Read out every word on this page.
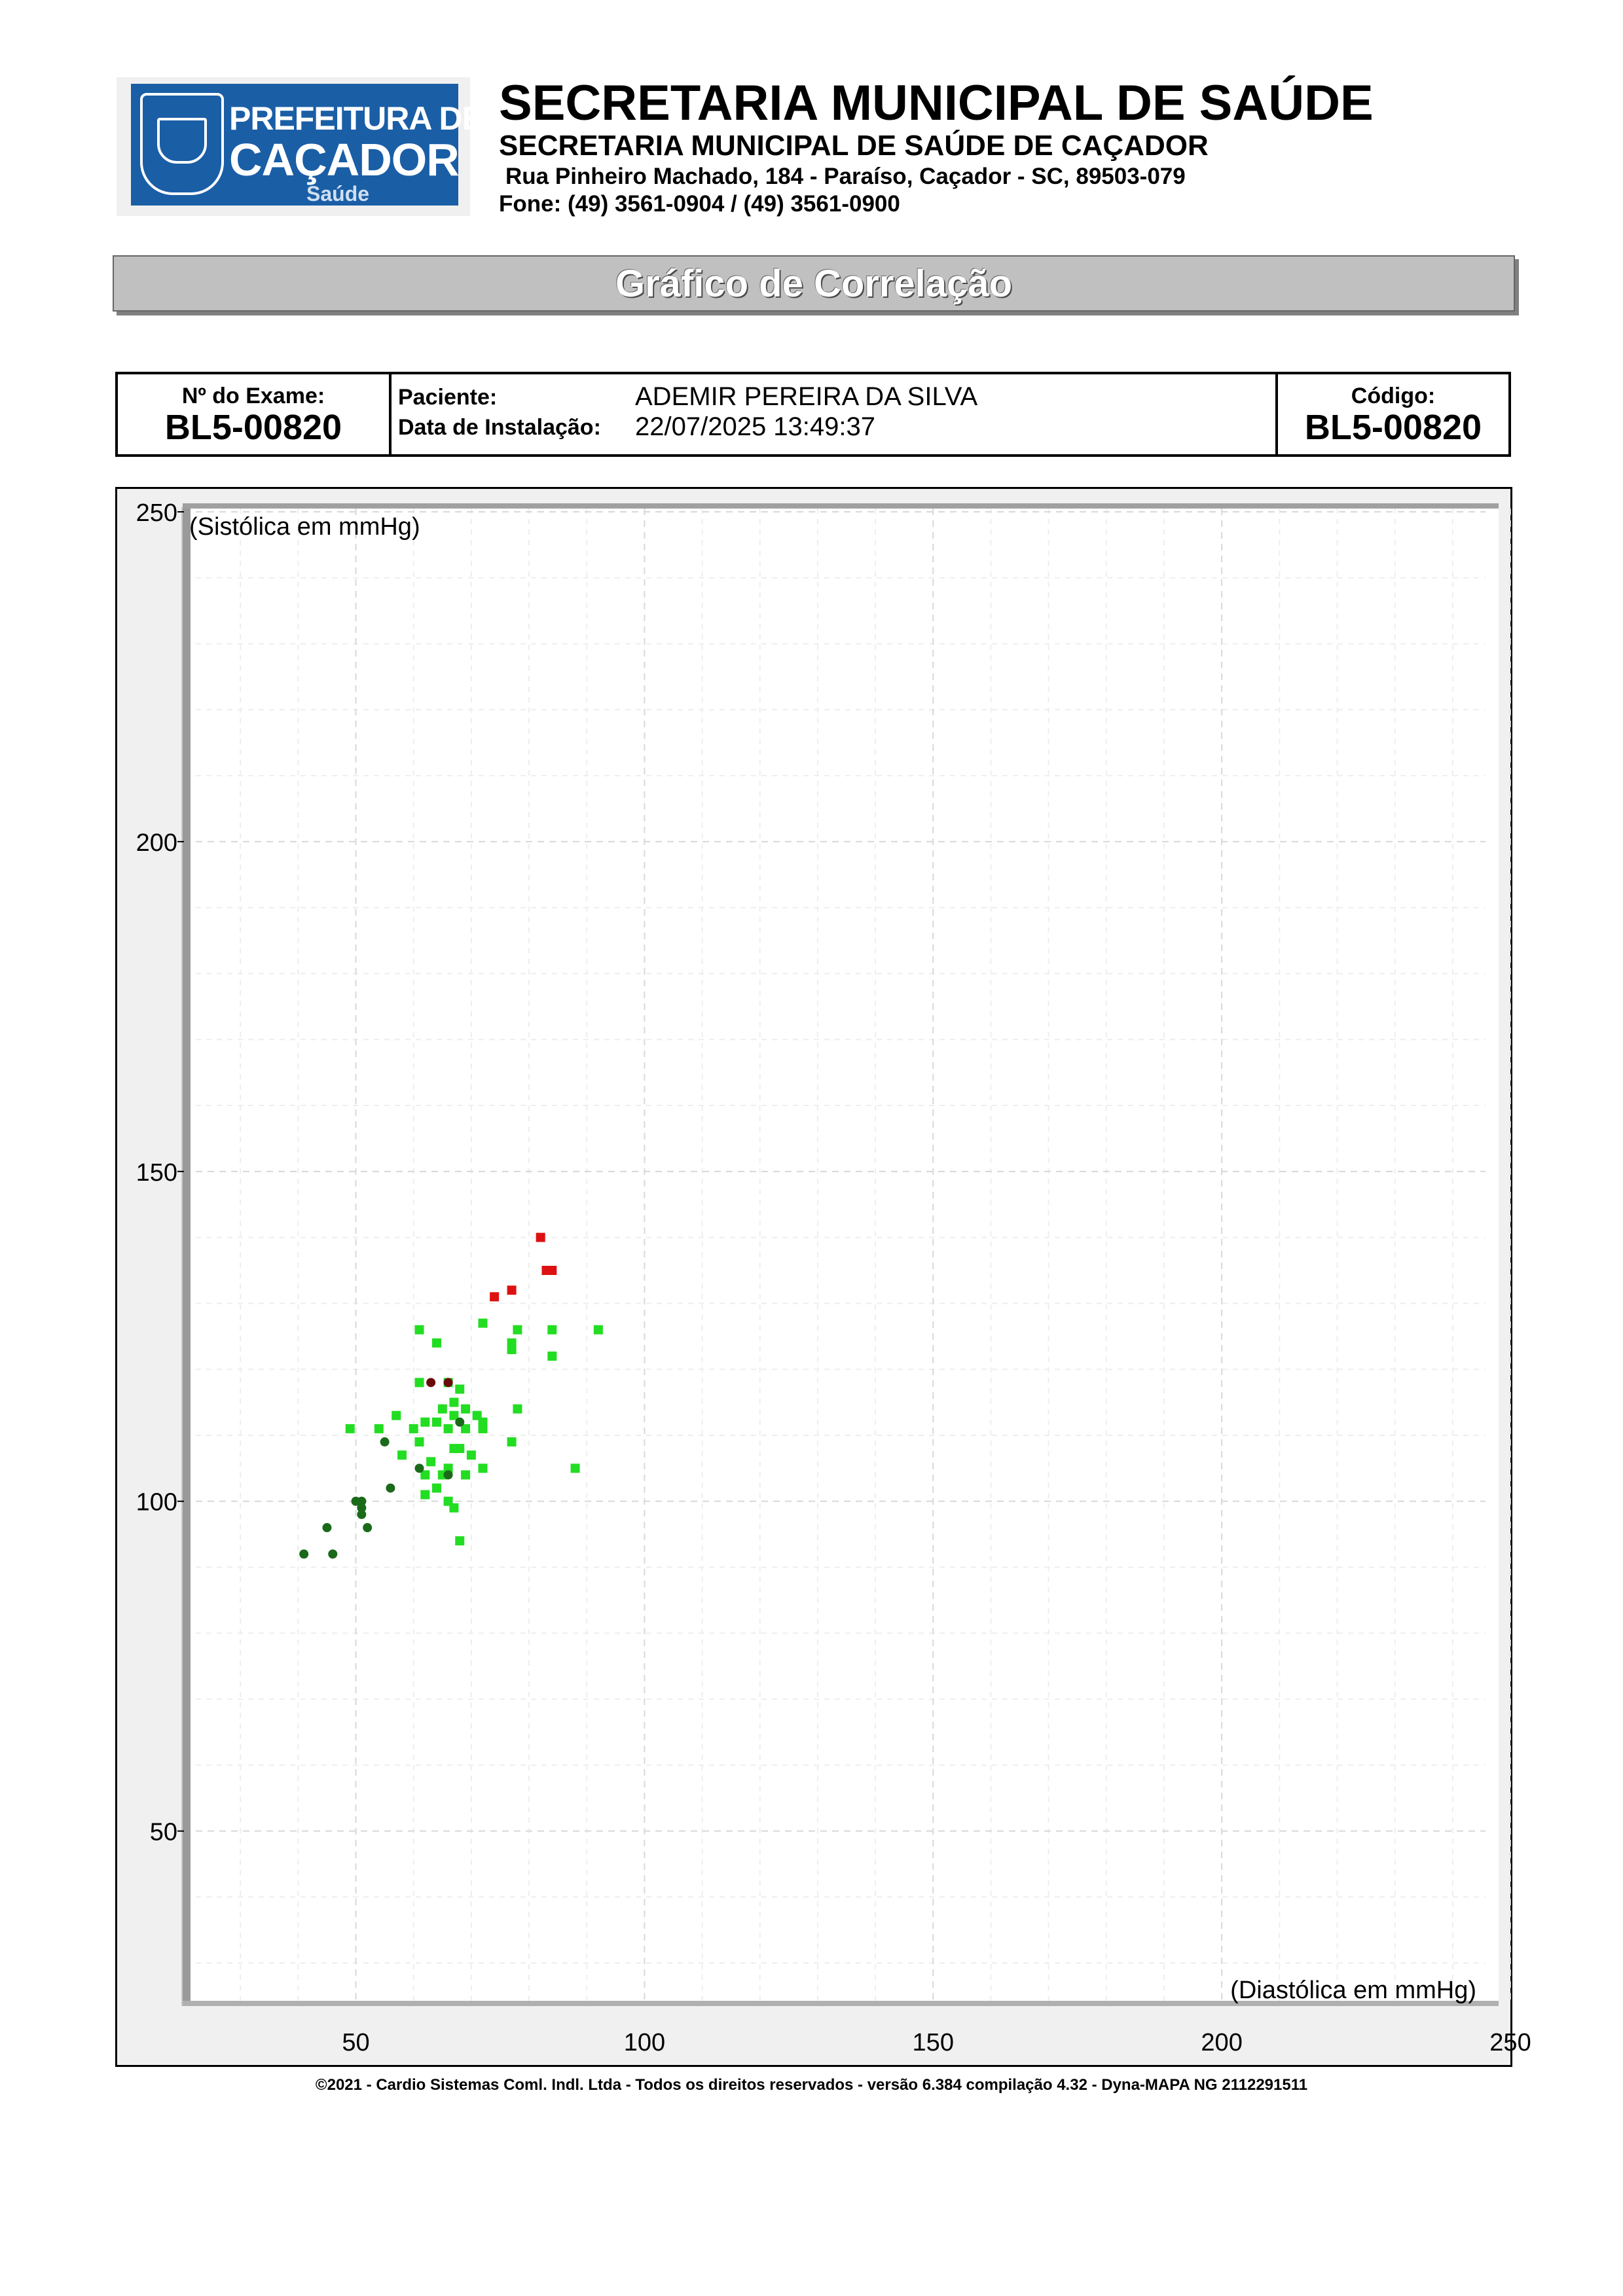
PREFEITURA DE
CAÇADOR
Saúde
SECRETARIA MUNICIPAL DE SAÚDE
SECRETARIA MUNICIPAL DE SAÚDE DE CAÇADOR
Rua Pinheiro Machado, 184 - Paraíso, Caçador - SC, 89503-079
Fone: (49) 3561-0904 / (49) 3561-0900
Gráfico de Correlação
Nº do Exame:
BL5-00820
Paciente:	ADEMIR PEREIRA DA SILVA
Data de Instalação: 22/07/2025 13:49:37
Código:
BL5-00820
50
100
150
200
250
50	100	150	200	250
(Sistólica em mmHg)
(Diastólica em mmHg)
©2021 - Cardio Sistemas Coml. Indl. Ltda - Todos os direitos reservados - versão 6.384 compilação 4.32 - Dyna-MAPA NG 2112291511
